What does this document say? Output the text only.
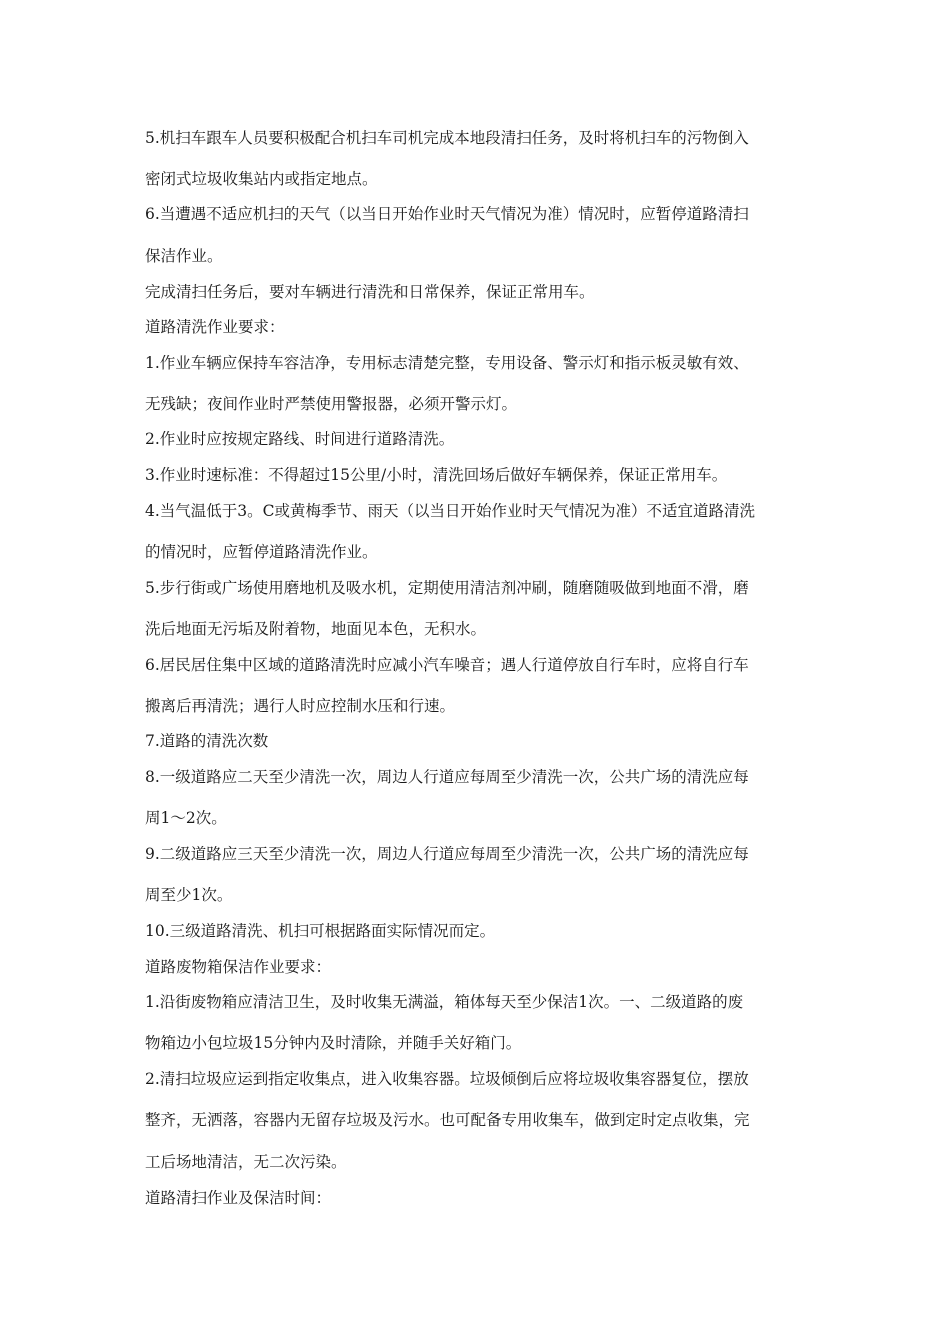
5.机扫车跟车人员要积极配合机扫车司机完成本地段清扫任务，及时将机扫车的污物倒入
密闭式垃圾收集站内或指定地点。
6.当遭遇不适应机扫的天气（以当日开始作业时天气情况为准）情况时，应暂停道路清扫
保洁作业。
完成清扫任务后，要对车辆进行清洗和日常保养，保证正常用车。
道路清洗作业要求：
1.作业车辆应保持车容洁净，专用标志清楚完整，专用设备、警示灯和指示板灵敏有效、
无残缺；夜间作业时严禁使用警报器，必须开警示灯。
2.作业时应按规定路线、时间进行道路清洗。
3.作业时速标准：不得超过15公里/小时，清洗回场后做好车辆保养，保证正常用车。
4.当气温低于3。C或黄梅季节、雨天（以当日开始作业时天气情况为准）不适宜道路清洗
的情况时，应暂停道路清洗作业。
5.步行街或广场使用磨地机及吸水机，定期使用清洁剂冲刷，随磨随吸做到地面不滑，磨
洗后地面无污垢及附着物，地面见本色，无积水。
6.居民居住集中区域的道路清洗时应减小汽车噪音；遇人行道停放自行车时，应将自行车
搬离后再清洗；遇行人时应控制水压和行速。
7.道路的清洗次数
8.一级道路应二天至少清洗一次，周边人行道应每周至少清洗一次，公共广场的清洗应每
周1～2次。
9.二级道路应三天至少清洗一次，周边人行道应每周至少清洗一次，公共广场的清洗应每
周至少1次。
10.三级道路清洗、机扫可根据路面实际情况而定。
道路废物箱保洁作业要求：
1.沿街废物箱应清洁卫生，及时收集无满溢，箱体每天至少保洁1次。一、二级道路的废
物箱边小包垃圾15分钟内及时清除，并随手关好箱门。
2.清扫垃圾应运到指定收集点，进入收集容器。垃圾倾倒后应将垃圾收集容器复位，摆放
整齐，无洒落，容器内无留存垃圾及污水。也可配备专用收集车，做到定时定点收集，完
工后场地清洁，无二次污染。
道路清扫作业及保洁时间：
